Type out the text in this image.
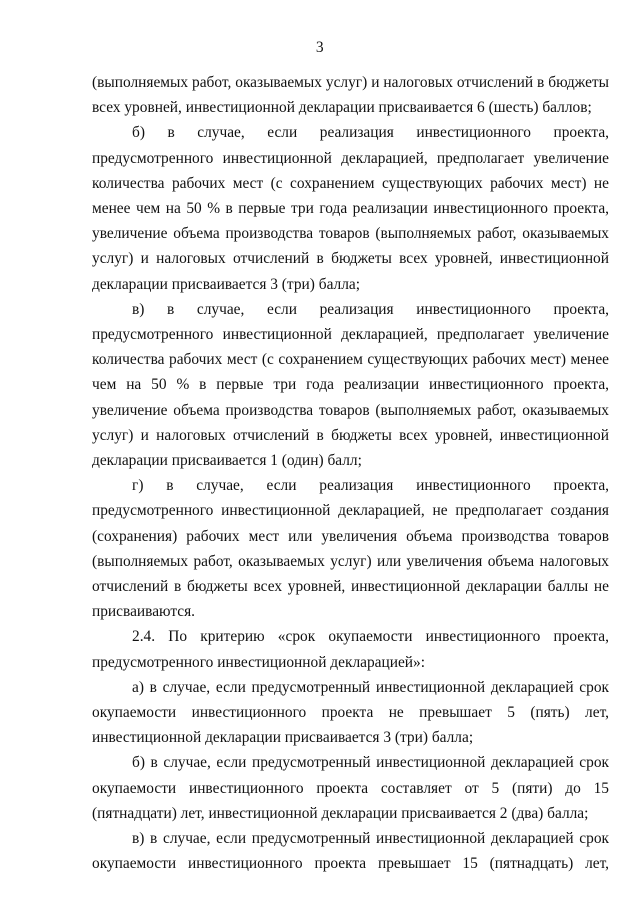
3

(выполняемых работ, оказываемых услуг) и налоговых отчислений в бюджеты всех уровней, инвестиционной декларации присваивается 6 (шесть) баллов;

б) в случае, если реализация инвестиционного проекта, предусмотренного инвестиционной декларацией, предполагает увеличение количества рабочих мест (с сохранением существующих рабочих мест) не менее чем на 50 % в первые три года реализации инвестиционного проекта, увеличение объема производства товаров (выполняемых работ, оказываемых услуг) и налоговых отчислений в бюджеты всех уровней, инвестиционной декларации присваивается 3 (три) балла;

в) в случае, если реализация инвестиционного проекта, предусмотренного инвестиционной декларацией, предполагает увеличение количества рабочих мест (с сохранением существующих рабочих мест) менее чем на 50 % в первые три года реализации инвестиционного проекта, увеличение объема производства товаров (выполняемых работ, оказываемых услуг) и налоговых отчислений в бюджеты всех уровней, инвестиционной декларации присваивается 1 (один) балл;

г) в случае, если реализация инвестиционного проекта, предусмотренного инвестиционной декларацией, не предполагает создания (сохранения) рабочих мест или увеличения объема производства товаров (выполняемых работ, оказываемых услуг) или увеличения объема налоговых отчислений в бюджеты всех уровней, инвестиционной декларации баллы не присваиваются.

2.4. По критерию «срок окупаемости инвестиционного проекта, предусмотренного инвестиционной декларацией»:

а) в случае, если предусмотренный инвестиционной декларацией срок окупаемости инвестиционного проекта не превышает 5 (пять) лет, инвестиционной декларации присваивается 3 (три) балла;

б) в случае, если предусмотренный инвестиционной декларацией срок окупаемости инвестиционного проекта составляет от 5 (пяти) до 15 (пятнадцати) лет, инвестиционной декларации присваивается 2 (два) балла;

в) в случае, если предусмотренный инвестиционной декларацией срок окупаемости инвестиционного проекта превышает 15 (пятнадцать) лет,
